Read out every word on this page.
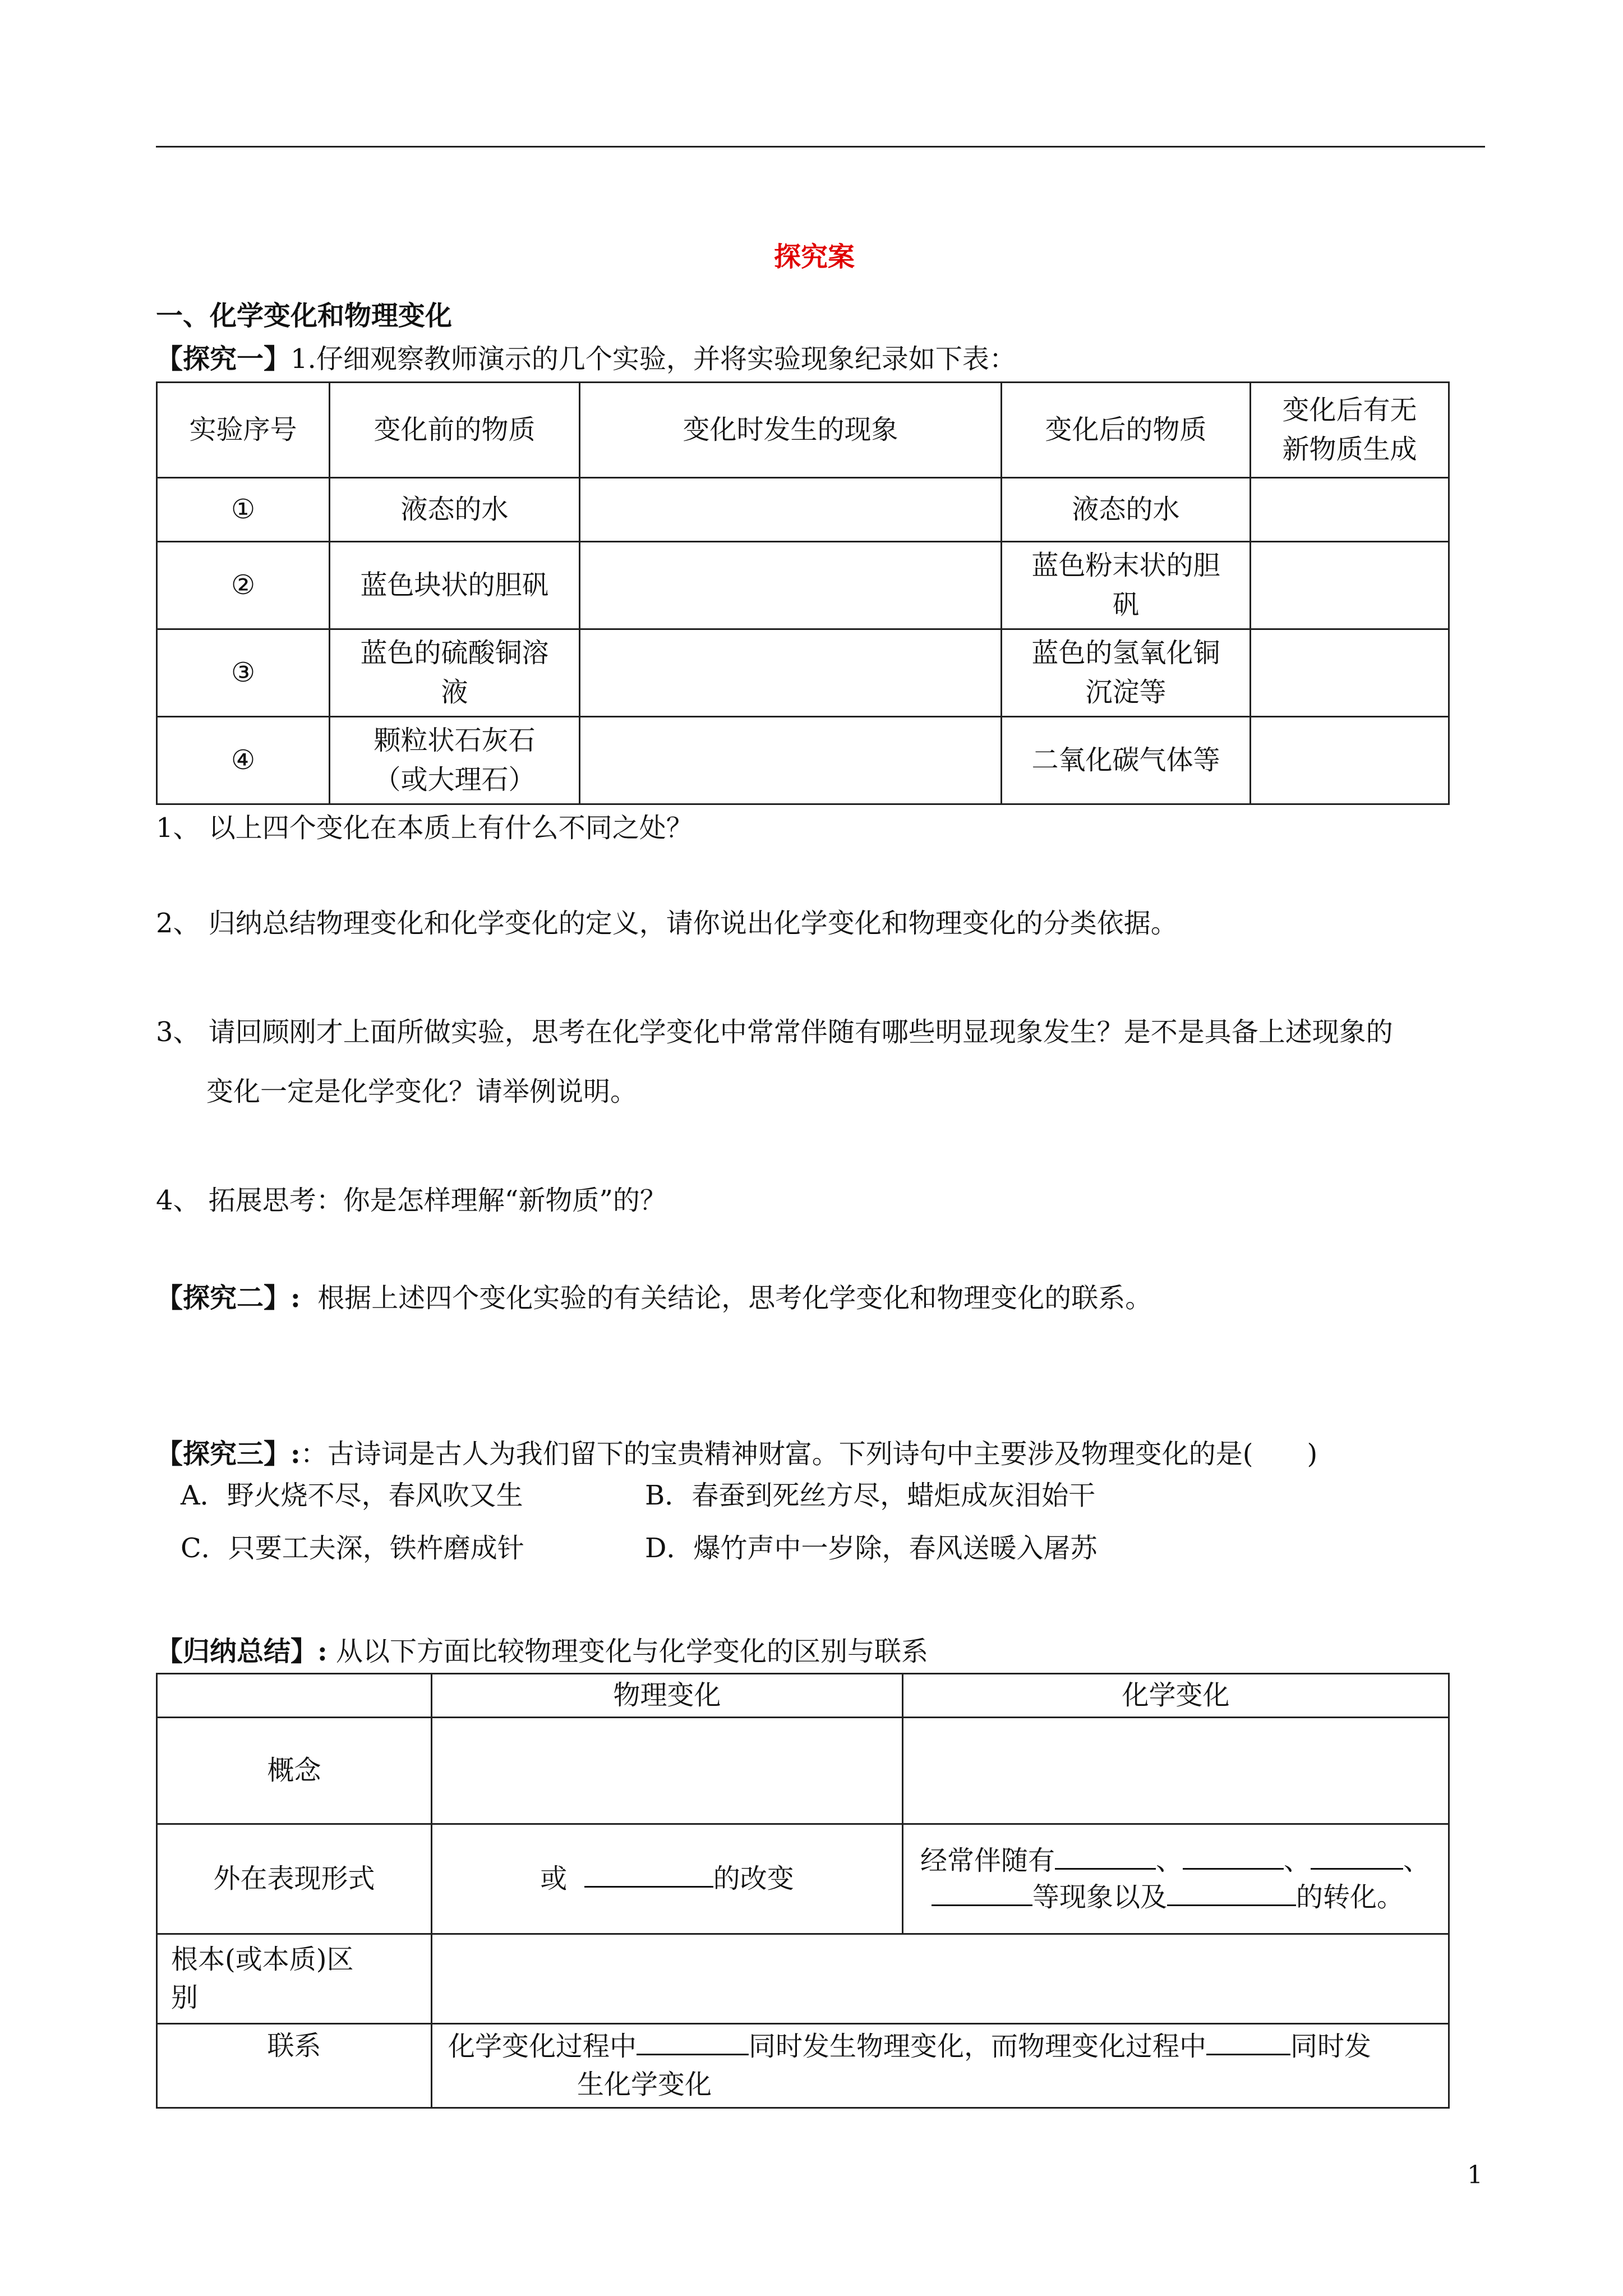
探究案
一、化学变化和物理变化
【探究一】1.仔细观察教师演示的几个实验，并将实验现象纪录如下表：
实验序号	变化前的物质	变化时发生的现象	变化后的物质	变化后有无
新物质生成
①	液态的水		液态的水	
②	蓝色块状的胆矾		蓝色粉末状的胆
矾	
③	蓝色的硫酸铜溶
液		蓝色的氢氧化铜
沉淀等	
④	颗粒状石灰石
（或大理石）		二氧化碳气体等	
1、 以上四个变化在本质上有什么不同之处？
2、 归纳总结物理变化和化学变化的定义，请你说出化学变化和物理变化的分类依据。
3、 请回顾刚才上面所做实验，思考在化学变化中常常伴随有哪些明显现象发生？是不是具备上述现象的
变化一定是化学变化？请举例说明。
4、 拓展思考：你是怎样理解“新物质”的？
【探究二】: 根据上述四个变化实验的有关结论，思考化学变化和物理变化的联系。
【探究三】:：古诗词是古人为我们留下的宝贵精神财富。下列诗句中主要涉及物理变化的是(　　)
A．野火烧不尽，春风吹又生	B．春蚕到死丝方尽，蜡炬成灰泪始干
C．只要工夫深，铁杵磨成针	D．爆竹声中一岁除，春风送暖入屠苏
【归纳总结】: 从以下方面比较物理变化与化学变化的区别与联系
	物理变化	化学变化
概念		
外在表现形式	或 的改变	经常伴随有 、 、 、
等现象以及 的转化。
根本(或本质)区
别		
联系	化学变化过程中 同时发生物理变化，而物理变化过程中 同时发
生化学变化	
1
